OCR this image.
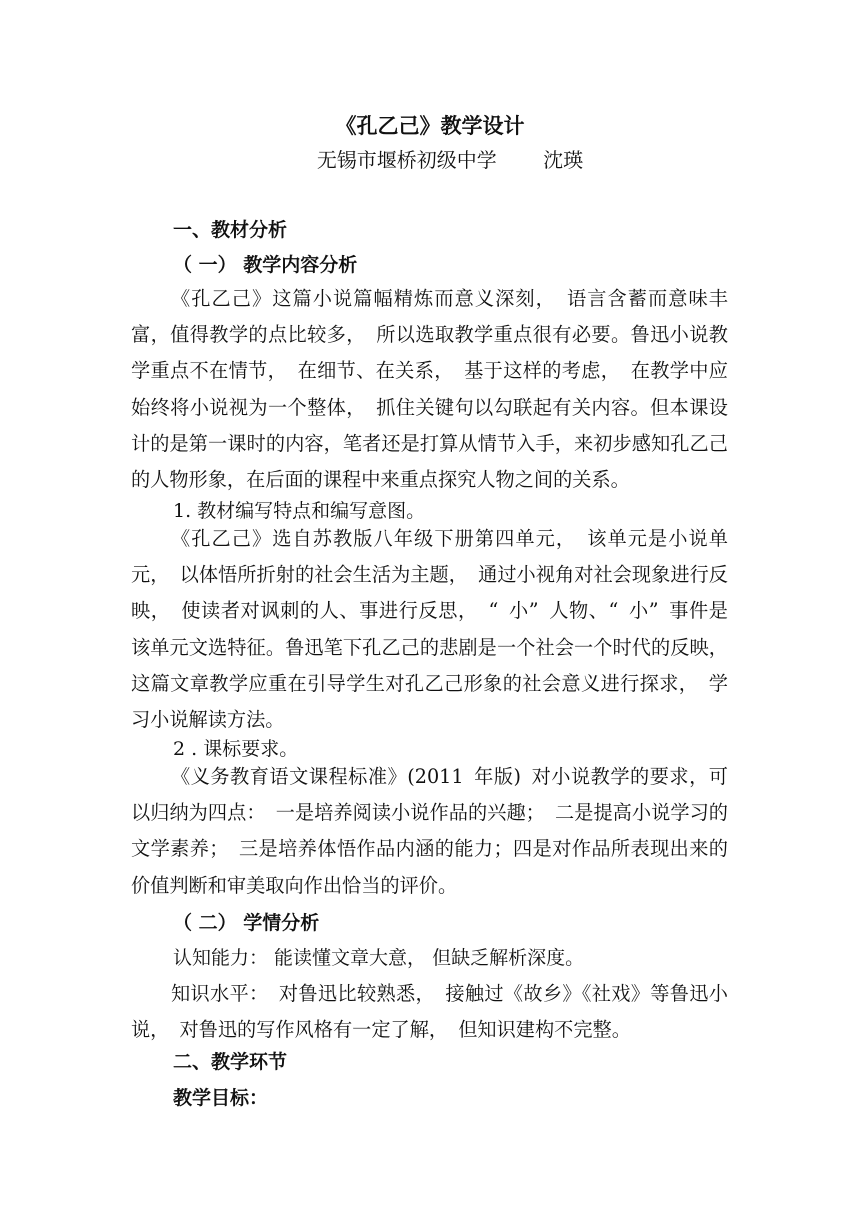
《孔乙己》教学设计
无锡市堰桥初级中学 沈瑛
一、教材分析
（ 一） 教学内容分析
《孔乙己》这篇小说篇幅精炼而意义深刻， 语言含蓄而意味丰富，值得教学的点比较多， 所以选取教学重点很有必要。鲁迅小说教学重点不在情节， 在细节、在关系， 基于这样的考虑， 在教学中应始终将小说视为一个整体， 抓住关键句以勾联起有关内容。但本课设计的是第一课时的内容，笔者还是打算从情节入手，来初步感知孔乙己的人物形象，在后面的课程中来重点探究人物之间的关系。
1. 教材编写特点和编写意图。
《孔乙己》选自苏教版八年级下册第四单元， 该单元是小说单元， 以体悟所折射的社会生活为主题， 通过小视角对社会现象进行反映， 使读者对讽刺的人、事进行反思， “ 小” 人物、“ 小” 事件是该单元文选特征。鲁迅笔下孔乙己的悲剧是一个社会一个时代的反映， 这篇文章教学应重在引导学生对孔乙己形象的社会意义进行探求， 学习小说解读方法。
2 . 课标要求。
《义务教育语文课程标准》(2011 年版) 对小说教学的要求，可以归纳为四点： 一是培养阅读小说作品的兴趣； 二是提高小说学习的文学素养； 三是培养体悟作品内涵的能力；四是对作品所表现出来的价值判断和审美取向作出恰当的评价。
（ 二） 学情分析
认知能力： 能读懂文章大意， 但缺乏解析深度。
知识水平： 对鲁迅比较熟悉， 接触过《故乡》《社戏》等鲁迅小说， 对鲁迅的写作风格有一定了解， 但知识建构不完整。
二、教学环节
教学目标：
